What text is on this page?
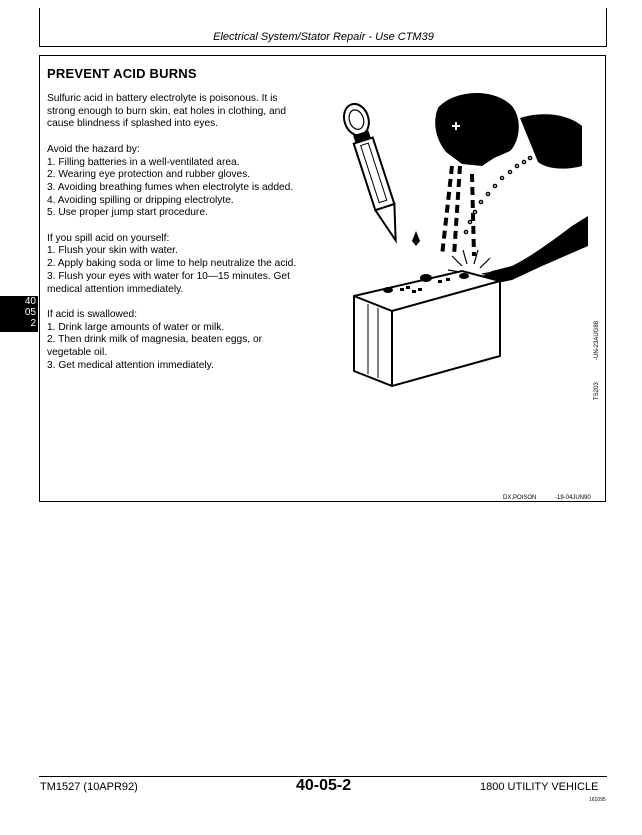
Electrical System/Stator Repair - Use CTM39
PREVENT ACID BURNS

Sulfuric acid in battery electrolyte is poisonous. It is
strong enough to burn skin, eat holes in clothing, and
cause blindness if splashed into eyes.

Avoid the hazard by:
1. Filling batteries in a well-ventilated area.
2. Wearing eye protection and rubber gloves.
3. Avoiding breathing fumes when electrolyte is added.
4. Avoiding spilling or dripping electrolyte.
5. Use proper jump start procedure.

If you spill acid on yourself:
1. Flush your skin with water.
2. Apply baking soda or lime to help neutralize the acid.
3. Flush your eyes with water for 10—15 minutes. Get
medical attention immediately.

If acid is swallowed:
1. Drink large amounts of water or milk.
2. Then drink milk of magnesia, beaten eggs, or
vegetable oil.
3. Get medical attention immediately.

-UN-23AUG88
TS203
DX,POISON	-19-04JUN90
40
05
2
TM1527 (10APR92)	40-05-2	1800 UTILITY VEHICLE
161095
